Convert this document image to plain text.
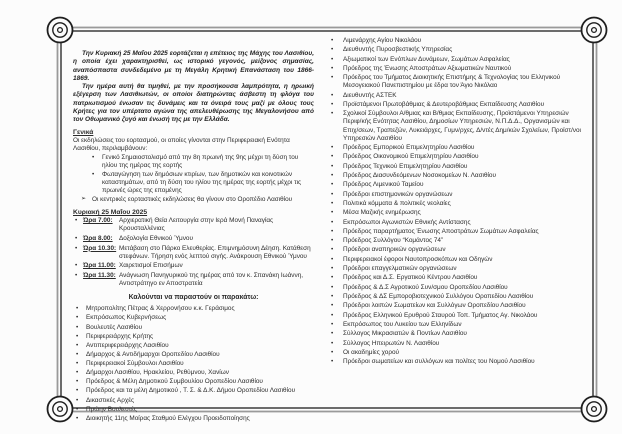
Την Κυριακή 25 Μαΐου 2025 εορτάζεται η επέτειος της Μάχης του Λασιθίου, η οποία έχει χαρακτηρισθεί, ως ιστορικό γεγονός, μείζονος σημασίας, αναπόσπαστα συνδεδεμένο με τη Μεγάλη Κρητική Επανάσταση του 1866-1869.

Την ημέρα αυτή θα τιμηθεί, με την προσήκουσα λαμπρότητα, η ηρωική εξέγερση των Λασιθιωτών, οι οποίοι διατηρώντας άσβεστη τη φλόγα του πατριωτισμού ένωσαν τις δυνάμεις και τα όνειρά τους μαζί με όλους τους Κρήτες για τον υπέρτατο αγώνα της απελευθέρωσης της Μεγαλονήσου από τον Οθωμανικό ζυγό και ένωσή της με την Ελλάδα.

Γενικά

Οι εκδηλώσεις του εορτασμού, οι οποίες γίνονται στην Περιφερειακή Ενότητα Λασιθίου, περιλαμβάνουν:

• Γενικό Σημαιοστολισμό από την 8η πρωινή της 9ης μέχρι τη δύση του ηλίου της ημέρας της εορτής
• Φωταγώγηση των δημόσιων κτιρίων, των δημοτικών και κοινοτικών καταστημάτων, από τη δύση του ηλίου της ημέρας της εορτής μέχρι τις πρωινές ώρες της επομένης

➢ Οι κεντρικές εορταστικές εκδηλώσεις θα γίνουν στο Οροπέδιο Λασιθίου

Κυριακή 25 Μαΐου 2025
• Ώρα 7.00:	Αρχιερατική Θεία Λειτουργία στην Ιερά Μονή Παναγίας Κρουσταλλένιας
• Ώρα 8.00:	Δοξολογία Εθνικού Ύμνου
• Ώρα 10.30: Μετάβαση στο Πάρκο Ελευθερίας. Επιμνημόσυνη Δέηση. Κατάθεση στεφάνων. Τήρηση ενός λεπτού σιγής. Ανάκρουση Εθνικού Ύμνου
• Ώρα 11.00: Χαιρετισμοί Επισήμων
• Ώρα 11.30: Ανάγνωση Πανηγυρικού της ημέρας από τον κ. Σπανάκη Ιωάννη, Αντιστράτηγο εν Αποστρατεία
Καλούνται να παραστούν οι παρακάτω:
• Μητροπολίτης Πέτρας & Χερρονήσου κ.κ. Γεράσιμος
• Εκπρόσωπος Κυβερνήσεως
• Βουλευτές Λασιθίου
• Περιφερειάρχης Κρήτης
• Αντιπεριφερειάρχης Λασιθίου
• Δήμαρχος & Αντιδήμαρχοι Οροπεδίου Λασιθίου
• Περιφερειακοί Σύμβουλοι Λασιθίου
• Δήμαρχοι Λασιθίου, Ηρακλείου, Ρεθύμνου, Χανίων
• Πρόεδρος & Μέλη Δημοτικού Συμβουλίου Οροπεδίου Λασιθίου
• Πρόεδρος και τα μέλη Δημοτικού , Τ. Σ. & Δ.Κ. Δήμου Οροπεδίου Λασιθίου
• Δικαστικές Αρχές
• Πρώην Βουλευτές
• Διοικητής 11ης Μοίρας Σταθμού Ελέγχου Προειδοποίησης
• Λιμενάρχης Αγίου Νικολάου
• Διευθυντής Πυροσβεστικής Υπηρεσίας
• Αξιωματικοί των Ενόπλων Δυνάμεων, Σωμάτων Ασφαλείας
• Πρόεδρος της Ένωσης Αποστράτων Αξιωματικών Ναυτικού
• Πρόεδρος του Τμήματος Διοικητικής Επιστήμης & Τεχνολογίας του Ελληνικού Μεσογειακού Πανεπιστημίου με έδρα τον Άγιο Νικόλαο
• Διευθυντής ΑΣΤΕΚ
• Προϊστάμενοι Πρωτοβάθμιας & Δευτεροβάθμιας Εκπαίδευσης Λασιθίου
• Σχολικοί Σύμβουλοι Α/θμιας και Β/θμιας Εκπαίδευσης, Προϊστάμενοι Υπηρεσιών Περιφ/κής Ενότητας Λασιθίου, Δημοσίων Υπηρεσιών, Ν.Π.Δ.Δ., Οργανισμών και Επιχ/σεων, Τραπεζών, Λυκειάρχες, Γυμν/ρχες, Δ/ντές Δημ/κών Σχολείων, Προϊστ/νοι Υπηρεσιών Λασιθίου
• Πρόεδρος Εμπορικού Επιμελητηρίου Λασιθίου
• Πρόεδρος Οικονομικού Επιμελητηρίου Λασιθίου
• Πρόεδρος Τεχνικού Επιμελητηρίου Λασιθίου
• Πρόεδρος Διασυνδεόμενων Νοσοκομείων Ν. Λασιθίου
• Πρόεδρος Λιμενικού Ταμείου
• Πρόεδροι επιστημονικών οργανώσεων
• Πολιτικά κόμματα & πολιτικές νεολαίες
• Μέσα Μαζικής ενημέρωσης
• Εκπρόσωποι Αγωνιστών Εθνικής Αντίστασης
• Πρόεδρος παραρτήματος Ένωσης Αποστράτων Σωμάτων Ασφαλείας
• Πρόεδρος Συλλόγου “Κομάντος 74”
• Πρόεδροι αναπηρικών οργανώσεων
• Περιφερειακοί έφοροι Ναυτοπροσκόπων και Οδηγών
• Πρόεδροι επαγγελματικών οργανώσεων
• Πρόεδρος και Δ.Σ. Εργατικού Κέντρου Λασιθίου
• Πρόεδρος & Δ.Σ Αγροτικού Συν/σμου Οροπεδίου Λασιθίου
• Πρόεδρος & ΔΣ Εμποροβιοτεχνικού Συλλόγου Οροπεδίου Λασιθίου
• Πρόεδροι λοιπών Σωματείων και Συλλόγων Οροπεδίου Λασιθίου
• Πρόεδρος Ελληνικού Ερυθρού Σταυρού Τοπ. Τμήματος Αγ. Νικολάου
• Εκπρόσωπος του Λυκείου των Ελληνίδων
• Σύλλογος Μικρασιατών & Ποντίων Λασιθίου
• Σύλλογος Ηπειρωτών Ν. Λασιθίου
• Οι ακαδημίες χορού
• Πρόεδροι σωματείων και συλλόγων και πολίτες του Νομού Λασιθίου
